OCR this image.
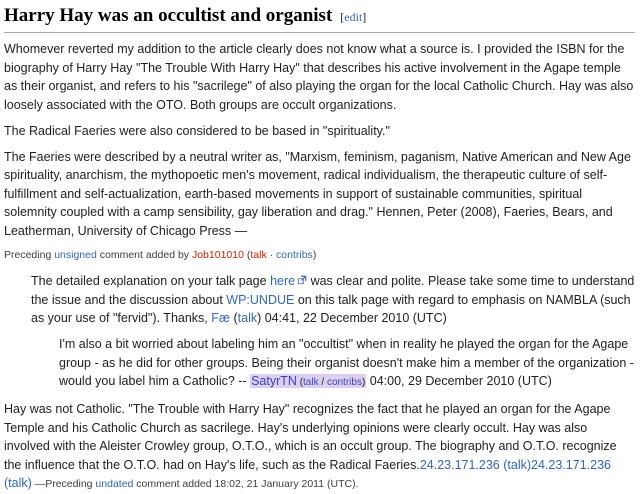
Harry Hay was an occultist and organist [edit]

Whomever reverted my addition to the article clearly does not know what a source is. I provided the ISBN for the biography of Harry Hay "The Trouble With Harry Hay" that describes his active involvement in the Agape temple as their organist, and refers to his "sacrilege" of also playing the organ for the local Catholic Church. Hay was also loosely associated with the OTO. Both groups are occult organizations.

The Radical Faeries were also considered to be based in "spirituality."

The Faeries were described by a neutral writer as, "Marxism, feminism, paganism, Native American and New Age spirituality, anarchism, the mythopoetic men's movement, radical individualism, the therapeutic culture of self-fulfillment and self-actualization, earth-based movements in support of sustainable communities, spiritual solemnity coupled with a camp sensibility, gay liberation and drag." Hennen, Peter (2008), Faeries, Bears, and Leatherman, University of Chicago Press —

Preceding unsigned comment added by Job101010 (talk · contribs)

The detailed explanation on your talk page here was clear and polite. Please take some time to understand the issue and the discussion about WP:UNDUE on this talk page with regard to emphasis on NAMBLA (such as your use of "fervid"). Thanks, Fæ (talk) 04:41, 22 December 2010 (UTC)

I'm also a bit worried about labeling him an "occultist" when in reality he played the organ for the Agape group - as he did for other groups. Being their organist doesn't make him a member of the organization - would you label him a Catholic? -- SatyrTN (talk / contribs) 04:00, 29 December 2010 (UTC)

Hay was not Catholic. "The Trouble with Harry Hay" recognizes the fact that he played an organ for the Agape Temple and his Catholic Church as sacrilege. Hay's underlying opinions were clearly occult. Hay was also involved with the Aleister Crowley group, O.T.O., which is an occult group. The biography and O.T.O. recognize the influence that the O.T.O. had on Hay's life, such as the Radical Faeries.24.23.171.236 (talk)24.23.171.236 (talk) —Preceding undated comment added 18:02, 21 January 2011 (UTC).
